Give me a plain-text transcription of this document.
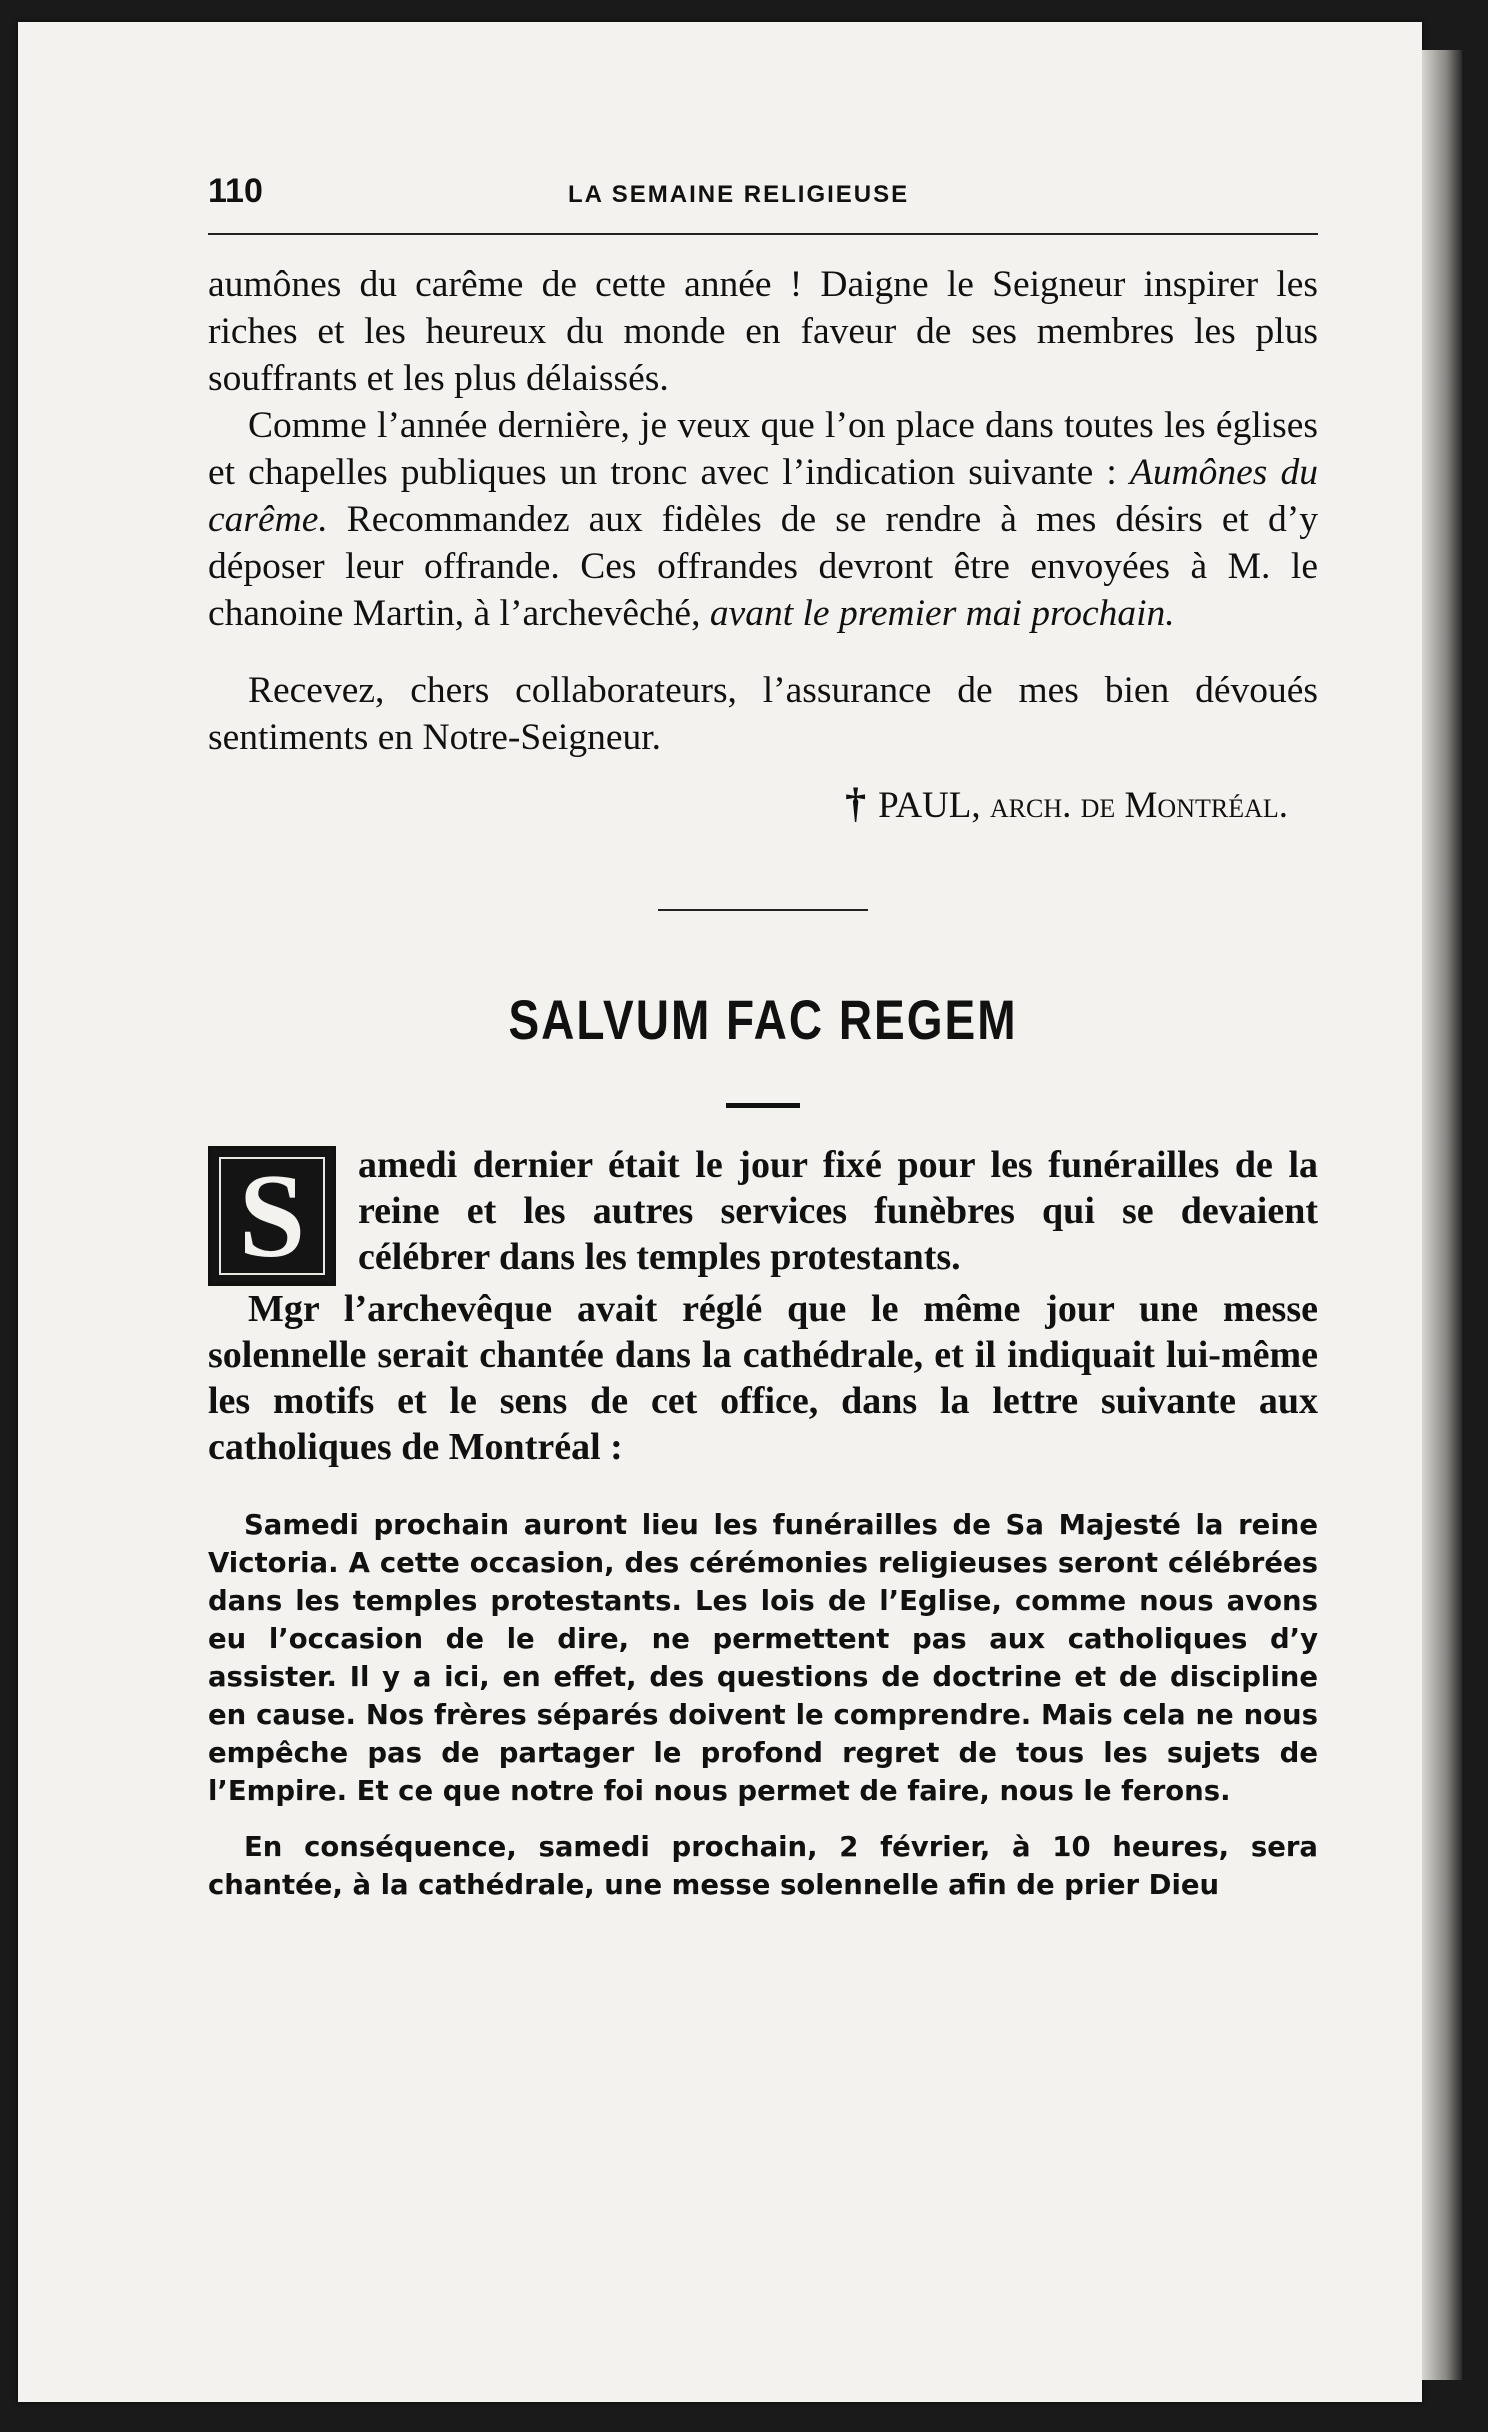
110	LA SEMAINE RELIGIEUSE

aumônes du carême de cette année ! Daigne le Seigneur inspirer les riches et les heureux du monde en faveur de ses membres les plus souffrants et les plus délaissés.

Comme l’année dernière, je veux que l’on place dans toutes les églises et chapelles publiques un tronc avec l’indication suivante : Aumônes du carême. Recommandez aux fidèles de se rendre à mes désirs et d’y déposer leur offrande. Ces offrandes devront être envoyées à M. le chanoine Martin, à l’archevêché, avant le premier mai prochain.

Recevez, chers collaborateurs, l’assurance de mes bien dévoués sentiments en Notre-Seigneur.

† PAUL, arch. de Montréal.

SALVUM FAC REGEM
S	amedi dernier était le jour fixé pour les funérailles de la reine et les autres services funèbres qui se devaient célébrer dans les temples protestants.

Mgr l’archevêque avait réglé que le même jour une messe solennelle serait chantée dans la cathédrale, et il indiquait lui-même les motifs et le sens de cet office, dans la lettre suivante aux catholiques de Montréal :

Samedi prochain auront lieu les funérailles de Sa Majesté la reine Victoria. A cette occasion, des cérémonies religieuses seront célébrées dans les temples protestants. Les lois de l’Eglise, comme nous avons eu l’occasion de le dire, ne permettent pas aux catholiques d’y assister. Il y a ici, en effet, des questions de doctrine et de discipline en cause. Nos frères séparés doivent le comprendre. Mais cela ne nous empêche pas de partager le profond regret de tous les sujets de l’Empire. Et ce que notre foi nous permet de faire, nous le ferons.

En conséquence, samedi prochain, 2 février, à 10 heures, sera chantée, à la cathédrale, une messe solennelle afin de prier Dieu
